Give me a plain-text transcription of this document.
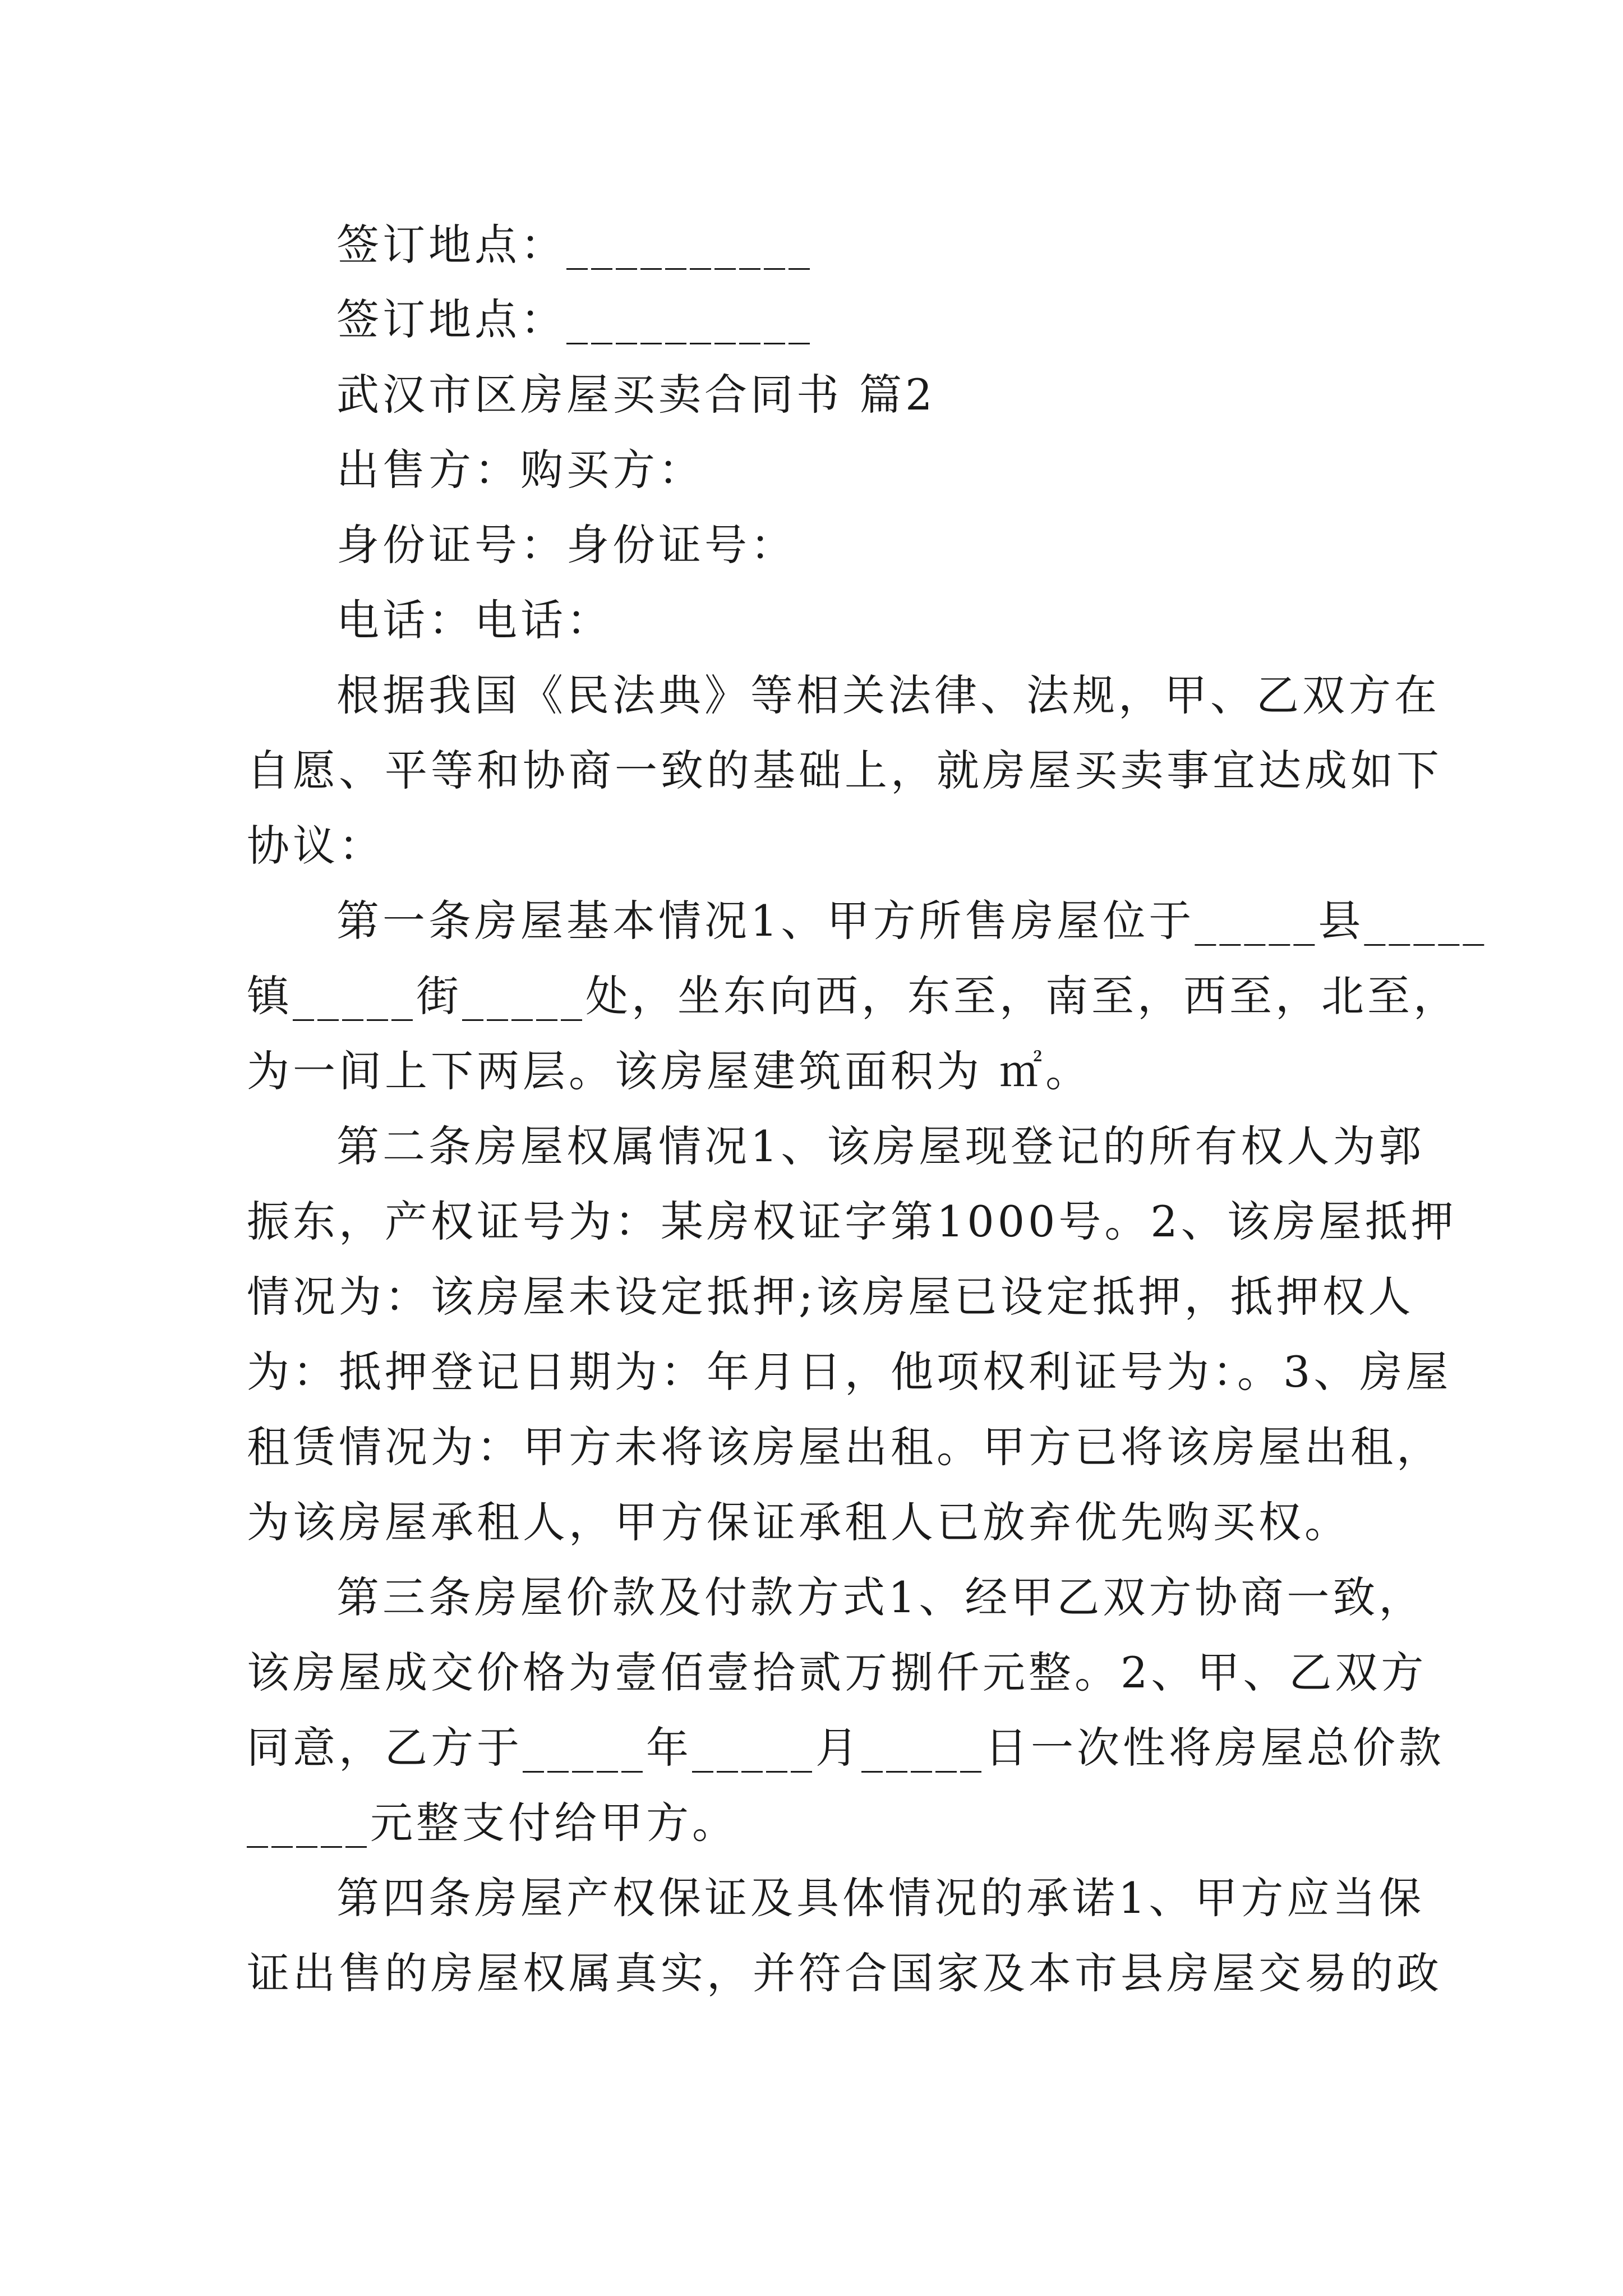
签订地点：__________
签订地点：__________
武汉市区房屋买卖合同书 篇2
出售方：购买方：
身份证号：身份证号：
电话：电话：
根据我国《民法典》等相关法律、法规，甲、乙双方在
自愿、平等和协商一致的基础上，就房屋买卖事宜达成如下
协议：
第一条房屋基本情况1、甲方所售房屋位于_____县_____
镇_____街_____处，坐东向西，东至，南至，西至，北至，
为一间上下两层。该房屋建筑面积为 ㎡。
第二条房屋权属情况1、该房屋现登记的所有权人为郭
振东，产权证号为：某房权证字第1000号。2、该房屋抵押
情况为：该房屋未设定抵押;该房屋已设定抵押，抵押权人
为：抵押登记日期为：年月日，他项权利证号为：。3、房屋
租赁情况为：甲方未将该房屋出租。甲方已将该房屋出租，
为该房屋承租人，甲方保证承租人已放弃优先购买权。
第三条房屋价款及付款方式1、经甲乙双方协商一致，
该房屋成交价格为壹佰壹拾贰万捌仟元整。2、甲、乙双方
同意，乙方于_____年_____月_____日一次性将房屋总价款
_____元整支付给甲方。
第四条房屋产权保证及具体情况的承诺1、甲方应当保
证出售的房屋权属真实，并符合国家及本市县房屋交易的政
